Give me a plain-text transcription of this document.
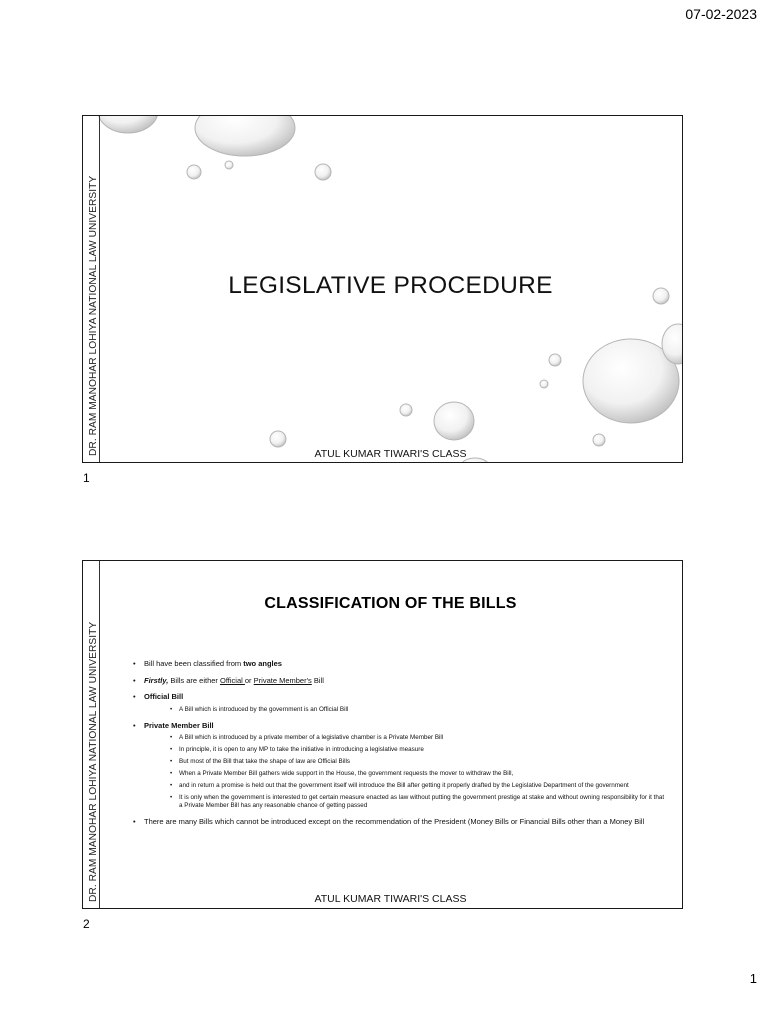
07-02-2023
DR. RAM MANOHAR LOHIYA NATIONAL LAW UNIVERSITY	LEGISLATIVE PROCEDURE
ATUL KUMAR TIWARI'S CLASS
1
DR. RAM MANOHAR LOHIYA NATIONAL LAW UNIVERSITY
CLASSIFICATION OF THE BILLS
• Bill have been classified from two angles
• Firstly, Bills are either Official or Private Member's Bill
• Official Bill
• A Bill which is introduced by the government is an Official Bill
• Private Member Bill
• A Bill which is introduced by a private member of a legislative chamber is a Private Member Bill
• In principle, it is open to any MP to take the initiative in introducing a legislative measure
• But most of the Bill that take the shape of law are Official Bills
• When a Private Member Bill gathers wide support in the House, the government requests the mover to withdraw the Bill,
• and in return a promise is held out that the government itself will introduce the Bill after getting it properly drafted by the Legislative Department of the government
• It is only when the government is interested to get certain measure enacted as law without putting the government prestige at stake and without owning responsibility for it that a Private Member Bill has any reasonable chance of getting passed
• There are many Bills which cannot be introduced except on the recommendation of the President (Money Bills or Financial Bills other than a Money Bill
ATUL KUMAR TIWARI'S CLASS
2
1
